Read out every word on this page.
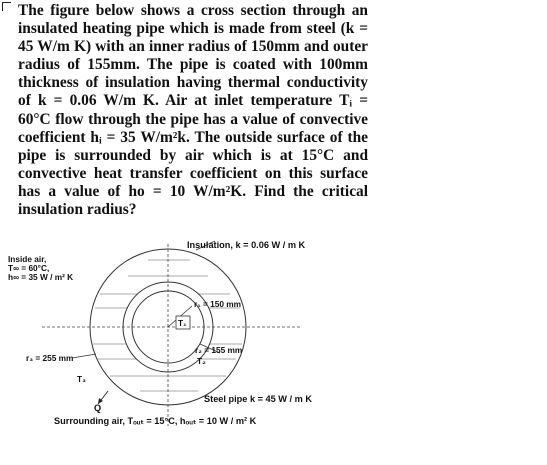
The figure below shows a cross section through an insulated heating pipe which is made from steel (k = 45 W/m K) with an inner radius of 150mm and outer radius of 155mm. The pipe is coated with 100mm thickness of insulation having thermal conductivity of k = 0.06 W/m K. Air at inlet temperature Tᵢ = 60°C flow through the pipe has a value of convective coefficient hᵢ = 35 W/m²k. The outside surface of the pipe is surrounded by air which is at 15°C and convective heat transfer coefficient on this surface has a value of ho = 10 W/m²K. Find the critical insulation radius?

Insulation, k = 0.06 W / m K
Inside air,
T∞ = 60°C,
h∞ = 35 W / m² K
r₁ = 150 mm
T₁
r₂ = 155 mm
T₂
r₃ = 255 mm
T₃
Steel pipe k = 45 W / m K
Q
Surrounding air, Tₒᵤₜ = 15°C, hₒᵤₜ = 10 W / m² K
